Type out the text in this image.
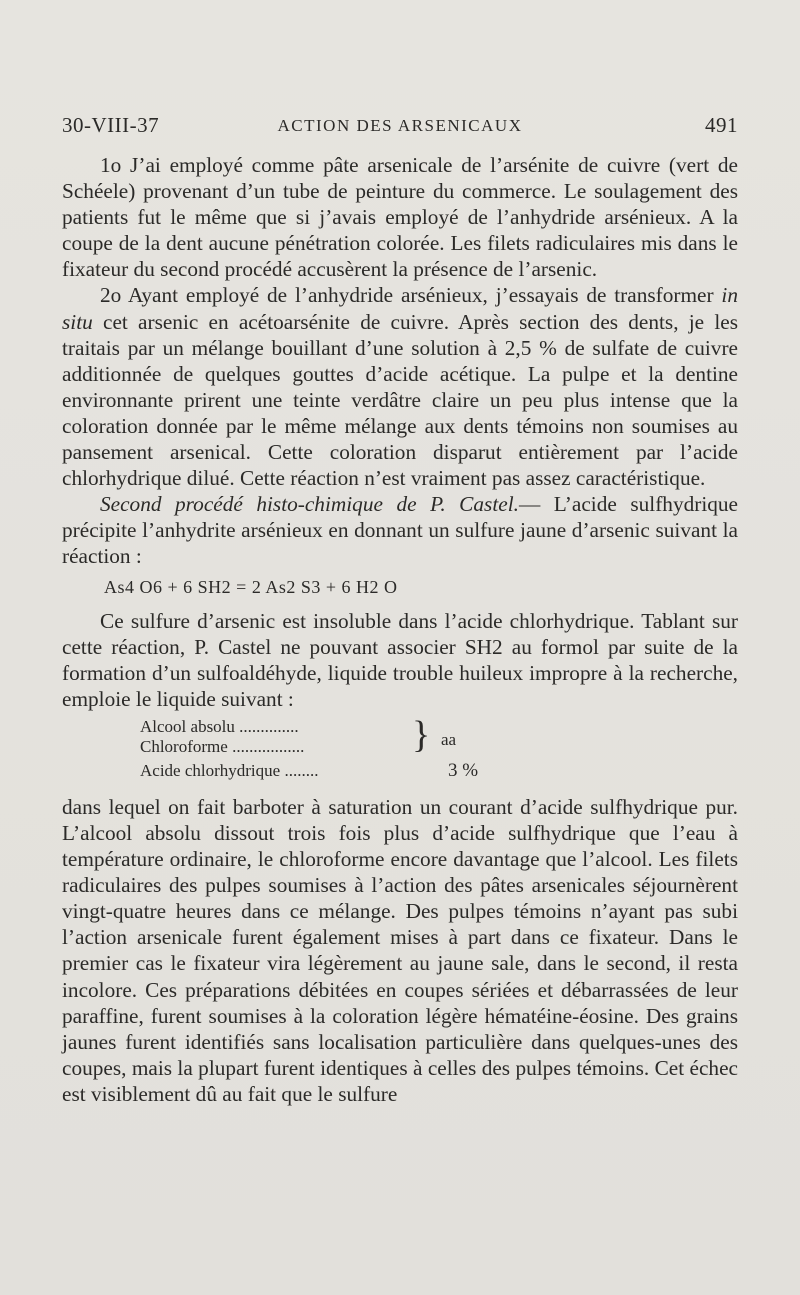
30-VIII-37	ACTION DES ARSENICAUX	491

1o J’ai employé comme pâte arsenicale de l’arsénite de cuivre (vert de Schéele) provenant d’un tube de peinture du commerce. Le soulagement des patients fut le même que si j’avais employé de l’anhydride arsénieux. A la coupe de la dent aucune pénétration colorée. Les filets radiculaires mis dans le fixateur du second procédé accusèrent la présence de l’arsenic.

2o Ayant employé de l’anhydride arsénieux, j’essayais de transformer in situ cet arsenic en acétoarsénite de cuivre. Après section des dents, je les traitais par un mélange bouillant d’une solution à 2,5 % de sulfate de cuivre additionnée de quelques gouttes d’acide acétique. La pulpe et la dentine environnante prirent une teinte verdâtre claire un peu plus intense que la coloration donnée par le même mélange aux dents témoins non soumises au pansement arsenical. Cette coloration disparut entièrement par l’acide chlorhydrique dilué. Cette réaction n’est vraiment pas assez caractéristique.

Second procédé histo-chimique de P. Castel.— L’acide sulfhydrique précipite l’anhydrite arsénieux en donnant un sulfure jaune d’arsenic suivant la réaction :

As4 O6 + 6 SH2 = 2 As2 S3 + 6 H2 O

Ce sulfure d’arsenic est insoluble dans l’acide chlorhydrique. Tablant sur cette réaction, P. Castel ne pouvant associer SH2 au formol par suite de la formation d’un sulfoaldéhyde, liquide trouble huileux impropre à la recherche, emploie le liquide suivant :

Alcool absolu ..............
Chloroforme .................
Acide chlorhydrique ........
} aa
3 %

dans lequel on fait barboter à saturation un courant d’acide sulfhydrique pur. L’alcool absolu dissout trois fois plus d’acide sulfhydrique que l’eau à température ordinaire, le chloroforme encore davantage que l’alcool. Les filets radiculaires des pulpes soumises à l’action des pâtes arsenicales séjournèrent vingt-quatre heures dans ce mélange. Des pulpes témoins n’ayant pas subi l’action arsenicale furent également mises à part dans ce fixateur. Dans le premier cas le fixateur vira légèrement au jaune sale, dans le second, il resta incolore. Ces préparations débitées en coupes sériées et débarrassées de leur paraffine, furent soumises à la coloration légère hématéine-éosine. Des grains jaunes furent identifiés sans localisation particulière dans quelques-unes des coupes, mais la plupart furent identiques à celles des pulpes témoins. Cet échec est visiblement dû au fait que le sulfure
